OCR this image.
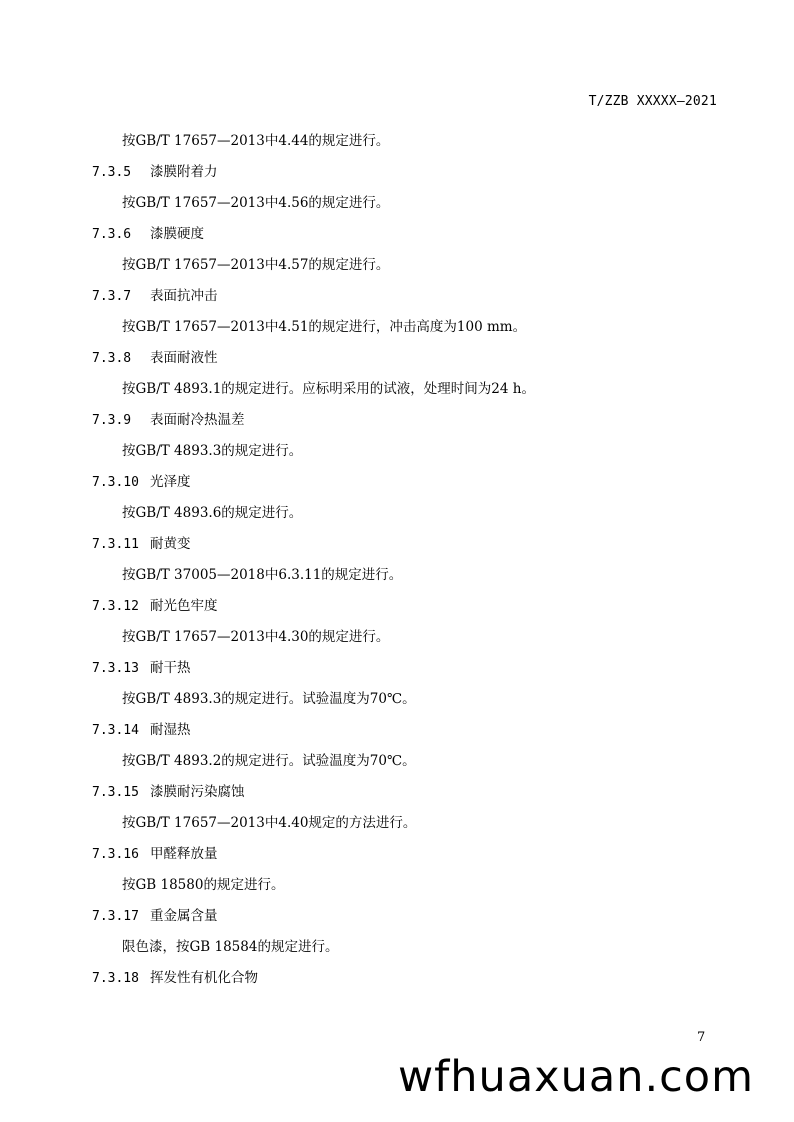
T/ZZB XXXXX—2021
按GB/T 17657—2013中4.44的规定进行。
7.3.5 漆膜附着力
按GB/T 17657—2013中4.56的规定进行。
7.3.6 漆膜硬度
按GB/T 17657—2013中4.57的规定进行。
7.3.7 表面抗冲击
按GB/T 17657—2013中4.51的规定进行，冲击高度为100 mm。
7.3.8 表面耐液性
按GB/T 4893.1的规定进行。应标明采用的试液，处理时间为24 h。
7.3.9 表面耐冷热温差
按GB/T 4893.3的规定进行。
7.3.10 光泽度
按GB/T 4893.6的规定进行。
7.3.11 耐黄变
按GB/T 37005—2018中6.3.11的规定进行。
7.3.12 耐光色牢度
按GB/T 17657—2013中4.30的规定进行。
7.3.13 耐干热
按GB/T 4893.3的规定进行。试验温度为70℃。
7.3.14 耐湿热
按GB/T 4893.2的规定进行。试验温度为70℃。
7.3.15 漆膜耐污染腐蚀
按GB/T 17657—2013中4.40规定的方法进行。
7.3.16 甲醛释放量
按GB 18580的规定进行。
7.3.17 重金属含量
限色漆，按GB 18584的规定进行。
7.3.18 挥发性有机化合物
7
wfhuaxuan.com
